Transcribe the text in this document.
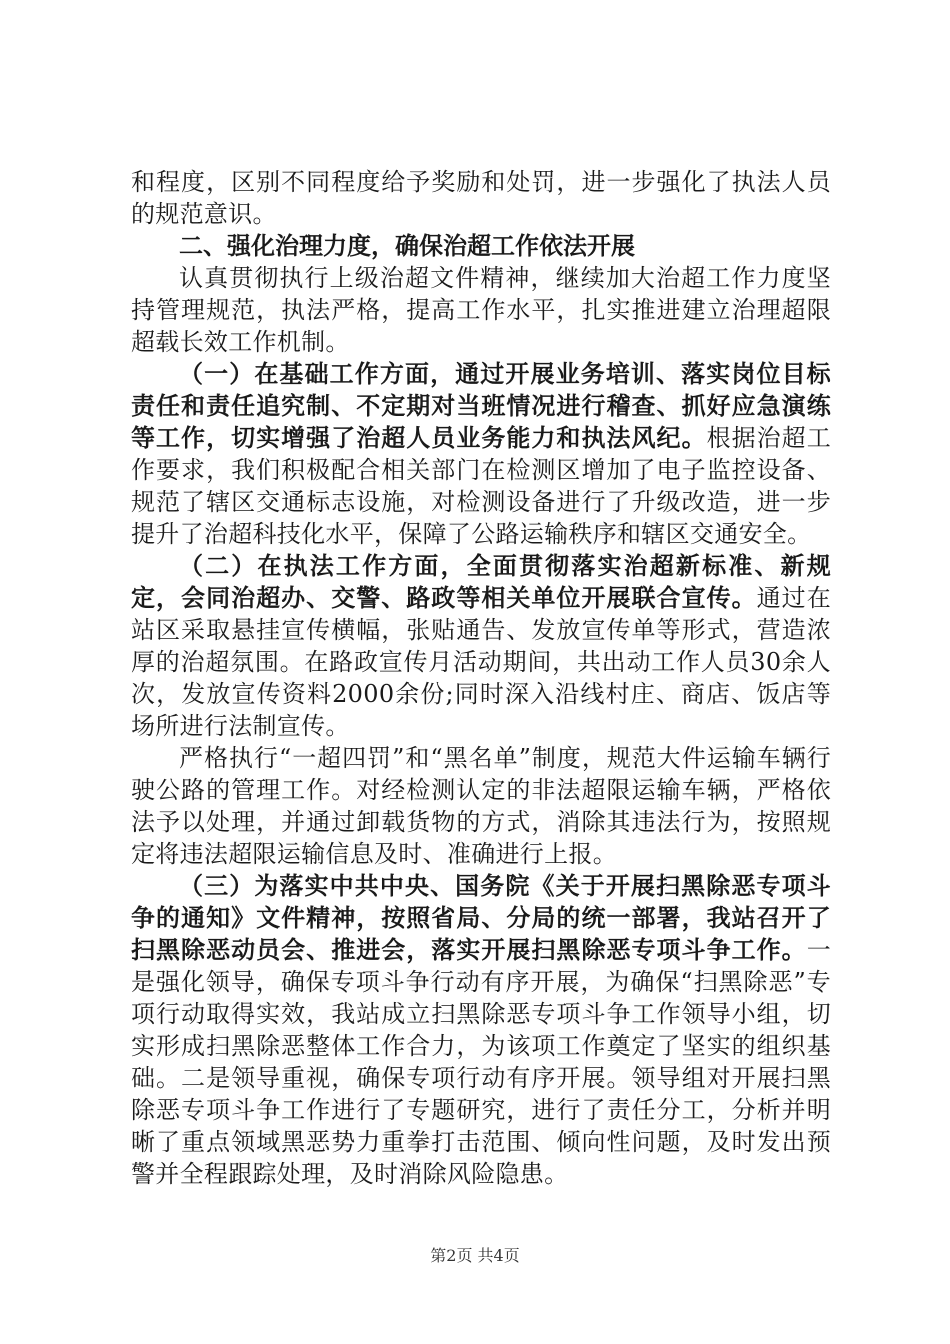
和程度，区别不同程度给予奖励和处罚，进一步强化了执法人员的规范意识。

二、强化治理力度，确保治超工作依法开展

认真贯彻执行上级治超文件精神，继续加大治超工作力度坚持管理规范，执法严格，提高工作水平，扎实推进建立治理超限超载长效工作机制。

（一）在基础工作方面，通过开展业务培训、落实岗位目标责任和责任追究制、不定期对当班情况进行稽查、抓好应急演练等工作，切实增强了治超人员业务能力和执法风纪。根据治超工作要求，我们积极配合相关部门在检测区增加了电子监控设备、规范了辖区交通标志设施，对检测设备进行了升级改造，进一步提升了治超科技化水平，保障了公路运输秩序和辖区交通安全。

（二）在执法工作方面，全面贯彻落实治超新标准、新规定，会同治超办、交警、路政等相关单位开展联合宣传。通过在站区采取悬挂宣传横幅，张贴通告、发放宣传单等形式，营造浓厚的治超氛围。在路政宣传月活动期间，共出动工作人员30余人次，发放宣传资料2000余份;同时深入沿线村庄、商店、饭店等场所进行法制宣传。

严格执行“一超四罚”和“黑名单”制度，规范大件运输车辆行驶公路的管理工作。对经检测认定的非法超限运输车辆，严格依法予以处理，并通过卸载货物的方式，消除其违法行为，按照规定将违法超限运输信息及时、准确进行上报。

（三）为落实中共中央、国务院《关于开展扫黑除恶专项斗争的通知》文件精神，按照省局、分局的统一部署，我站召开了扫黑除恶动员会、推进会，落实开展扫黑除恶专项斗争工作。一是强化领导，确保专项斗争行动有序开展，为确保“扫黑除恶”专项行动取得实效，我站成立扫黑除恶专项斗争工作领导小组，切实形成扫黑除恶整体工作合力，为该项工作奠定了坚实的组织基础。二是领导重视，确保专项行动有序开展。领导组对开展扫黑除恶专项斗争工作进行了专题研究，进行了责任分工，分析并明晰了重点领域黑恶势力重拳打击范围、倾向性问题，及时发出预警并全程跟踪处理，及时消除风险隐患。

第2页 共4页
